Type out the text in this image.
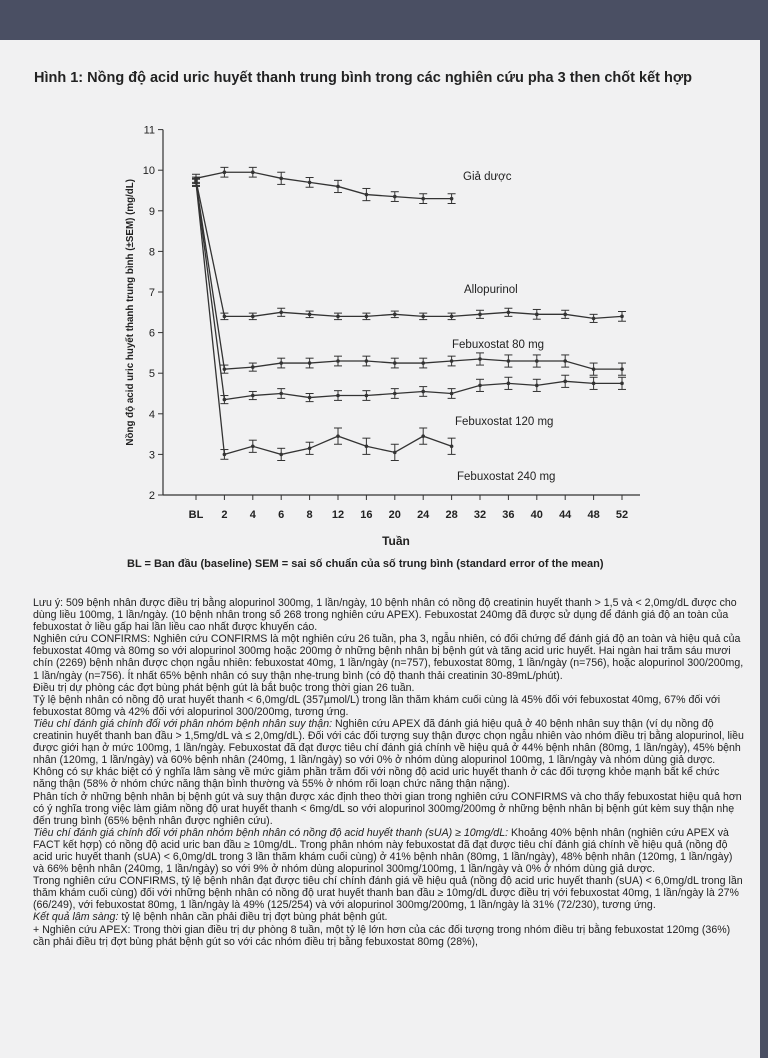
Hình 1: Nồng độ acid uric huyết thanh trung bình trong các nghiên cứu pha 3 then chốt kết hợp
2
3
4
5
6
7
8
9
10
11
BL 2 4 6 8 12 16 20 24 28 32 36 40 44 48 52
Tuần
Nồng độ acid uric huyết thanh trung bình (±SEM) (mg/dL)
Giả dược
Allopurinol
Febuxostat 80 mg
Febuxostat 120 mg
Febuxostat 240 mg
BL = Ban đầu (baseline) SEM = sai số chuẩn của số trung bình (standard error of the mean)

Lưu ý: 509 bệnh nhân được điều trị bằng alopurinol 300mg, 1 lần/ngày, 10 bệnh nhân có nồng độ creatinin huyết thanh > 1,5 và < 2,0mg/dL được cho dùng liều 100mg, 1 lần/ngày. (10 bệnh nhân trong số 268 trong nghiên cứu APEX). Febuxostat 240mg đã được sử dụng để đánh giá độ an toàn của febuxostat ở liều gấp hai lần liều cao nhất được khuyến cáo.

Nghiên cứu CONFIRMS: Nghiên cứu CONFIRMS là một nghiên cứu 26 tuần, pha 3, ngẫu nhiên, có đối chứng để đánh giá độ an toàn và hiệu quả của febuxostat 40mg và 80mg so với alopurinol 300mg hoặc 200mg ở những bệnh nhân bị bệnh gút và tăng acid uric huyết. Hai ngàn hai trăm sáu mươi chín (2269) bệnh nhân được chọn ngẫu nhiên: febuxostat 40mg, 1 lần/ngày (n=757), febuxostat 80mg, 1 lần/ngày (n=756), hoặc alopurinol 300/200mg, 1 lần/ngày (n=756). Ít nhất 65% bệnh nhân có suy thận nhẹ-trung bình (có độ thanh thải creatinin 30-89mL/phút).

Điều trị dự phòng các đợt bùng phát bệnh gút là bắt buộc trong thời gian 26 tuần.

Tỷ lệ bệnh nhân có nồng độ urat huyết thanh < 6,0mg/dL (357µmol/L) trong lần thăm khám cuối cùng là 45% đối với febuxostat 40mg, 67% đối với febuxostat 80mg và 42% đối với alopurinol 300/200mg, tương ứng.

Tiêu chí đánh giá chính đối với phân nhóm bệnh nhân suy thận: Nghiên cứu APEX đã đánh giá hiệu quả ở 40 bệnh nhân suy thận (ví dụ nồng độ creatinin huyết thanh ban đầu > 1,5mg/dL và ≤ 2,0mg/dL). Đối với các đối tượng suy thận được chọn ngẫu nhiên vào nhóm điều trị bằng alopurinol, liều được giới hạn ở mức 100mg, 1 lần/ngày. Febuxostat đã đạt được tiêu chí đánh giá chính về hiệu quả ở 44% bệnh nhân (80mg, 1 lần/ngày), 45% bệnh nhân (120mg, 1 lần/ngày) và 60% bệnh nhân (240mg, 1 lần/ngày) so với 0% ở nhóm dùng alopurinol 100mg, 1 lần/ngày và nhóm dùng giả dược.

Không có sự khác biệt có ý nghĩa lâm sàng về mức giảm phần trăm đối với nồng độ acid uric huyết thanh ở các đối tượng khỏe mạnh bất kể chức năng thận (58% ở nhóm chức năng thận bình thường và 55% ở nhóm rối loạn chức năng thận nặng).

Phân tích ở những bệnh nhân bị bệnh gút và suy thận được xác định theo thời gian trong nghiên cứu CONFIRMS và cho thấy febuxostat hiệu quả hơn có ý nghĩa trong việc làm giảm nồng độ urat huyết thanh < 6mg/dL so với alopurinol 300mg/200mg ở những bệnh nhân bị bệnh gút kèm suy thận nhẹ đến trung bình (65% bệnh nhân được nghiên cứu).

Tiêu chí đánh giá chính đối với phân nhóm bệnh nhân có nồng độ acid huyết thanh (sUA) ≥ 10mg/dL: Khoảng 40% bệnh nhân (nghiên cứu APEX và FACT kết hợp) có nồng độ acid uric ban đầu ≥ 10mg/dL. Trong phân nhóm này febuxostat đã đạt được tiêu chí đánh giá chính về hiệu quả (nồng độ acid uric huyết thanh (sUA) < 6,0mg/dL trong 3 lần thăm khám cuối cùng) ở 41% bệnh nhân (80mg, 1 lần/ngày), 48% bệnh nhân (120mg, 1 lần/ngày) và 66% bệnh nhân (240mg, 1 lần/ngày) so với 9% ở nhóm dùng alopurinol 300mg/100mg, 1 lần/ngày và 0% ở nhóm dùng giả dược.

Trong nghiên cứu CONFIRMS, tỷ lệ bệnh nhân đạt được tiêu chí chính đánh giá về hiệu quả (nồng độ acid uric huyết thanh (sUA) < 6,0mg/dL trong lần thăm khám cuối cùng) đối với những bệnh nhân có nồng độ urat huyết thanh ban đầu ≥ 10mg/dL được điều trị với febuxostat 40mg, 1 lần/ngày là 27% (66/249), với febuxostat 80mg, 1 lần/ngày là 49% (125/254) và với alopurinol 300mg/200mg, 1 lần/ngày là 31% (72/230), tương ứng.

Kết quả lâm sàng: tỷ lệ bệnh nhân cần phải điều trị đợt bùng phát bệnh gút.

+ Nghiên cứu APEX: Trong thời gian điều trị dự phòng 8 tuần, một tỷ lệ lớn hơn của các đối tượng trong nhóm điều trị bằng febuxostat 120mg (36%) cần phải điều trị đợt bùng phát bệnh gút so với các nhóm điều trị bằng febuxostat 80mg (28%),
